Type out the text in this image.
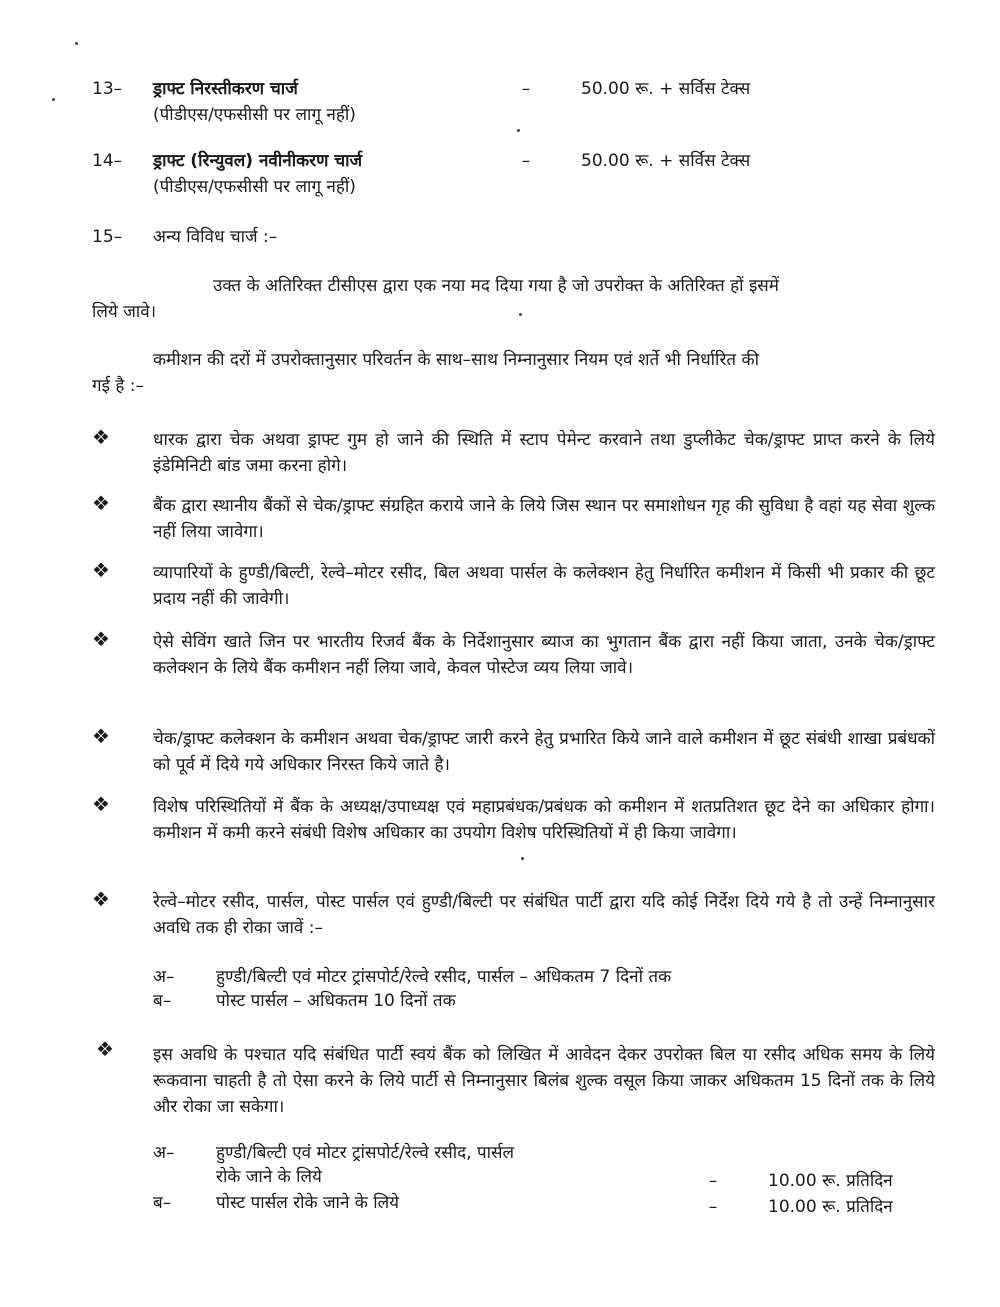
13–	ड्राफ्ट निरस्तीकरण चार्ज
(पीडीएस/एफसीसी पर लागू नहीं)
–	50.00 रू. + सर्विस टेक्स
14–	ड्राफ्ट (रिन्युवल) नवीनीकरण चार्ज
(पीडीएस/एफसीसी पर लागू नहीं)
–	50.00 रू. + सर्विस टेक्स
15–	अन्य विविध चार्ज :–
उक्त के अतिरिक्त टीसीएस द्वारा एक नया मद दिया गया है जो उपरोक्त के अतिरिक्त हों इसमें
लिये जावे।
कमीशन की दरों में उपरोक्तानुसार परिवर्तन के साथ–साथ निम्नानुसार नियम एवं शर्ते भी निर्धारित की
गई है :–
❖	धारक द्वारा चेक अथवा ड्राफ्ट गुम हो जाने की स्थिति में स्टाप पेमेन्ट करवाने तथा डुप्लीकेट चेक/ड्राफ्ट प्राप्त करने के लिये इंडेमिनिटी बांड जमा करना होगे।
❖	बैंक द्वारा स्थानीय बैंकों से चेक/ड्राफ्ट संग्रहित कराये जाने के लिये जिस स्थान पर समाशोधन गृह की सुविधा है वहां यह सेवा शुल्क नहीं लिया जावेगा।
❖	व्यापारियों के हुण्डी/बिल्टी, रेल्वे–मोटर रसीद, बिल अथवा पार्सल के कलेक्शन हेतु निर्धारित कमीशन में किसी भी प्रकार की छूट प्रदाय नहीं की जावेगी।
❖	ऐसे सेविंग खाते जिन पर भारतीय रिजर्व बैंक के निर्देशानुसार ब्याज का भुगतान बैंक द्वारा नहीं किया जाता, उनके चेक/ड्राफ्ट कलेक्शन के लिये बैंक कमीशन नहीं लिया जावे, केवल पोस्टेज व्यय लिया जावे।
❖	चेक/ड्राफ्ट कलेक्शन के कमीशन अथवा चेक/ड्राफ्ट जारी करने हेतु प्रभारित किये जाने वाले कमीशन में छूट संबंधी शाखा प्रबंधकों को पूर्व में दिये गये अधिकार निरस्त किये जाते है।
❖	विशेष परिस्थितियों में बैंक के अध्यक्ष/उपाध्यक्ष एवं महाप्रबंधक/प्रबंधक को कमीशन में शतप्रतिशत छूट देने का अधिकार होगा। कमीशन में कमी करने संबंधी विशेष अधिकार का उपयोग विशेष परिस्थितियों में ही किया जावेगा।
❖	रेल्वे–मोटर रसीद, पार्सल, पोस्ट पार्सल एवं हुण्डी/बिल्टी पर संबंधित पार्टी द्वारा यदि कोई निर्देश दिये गये है तो उन्हें निम्नानुसार अवधि तक ही रोका जावें :–
अ– हुण्डी/बिल्टी एवं मोटर ट्रांसपोर्ट/रेल्वे रसीद, पार्सल – अधिकतम 7 दिनों तक
ब–	पोस्ट पार्सल – अधिकतम 10 दिनों तक
❖ इस अवधि के पश्चात यदि संबंधित पार्टी स्वयं बैंक को लिखित में आवेदन देकर उपरोक्त बिल या रसीद अधिक समय के लिये रूकवाना चाहती है तो ऐसा करने के लिये पार्टी से निम्नानुसार बिलंब शुल्क वसूल किया जाकर अधिकतम 15 दिनों तक के लिये और रोका जा सकेगा।
अ– हुण्डी/बिल्टी एवं मोटर ट्रांसपोर्ट/रेल्वे रसीद, पार्सल
रोके जाने के लिये	–	10.00 रू. प्रतिदिन
ब–	पोस्ट पार्सल रोके जाने के लिये	–	10.00 रू. प्रतिदिन
